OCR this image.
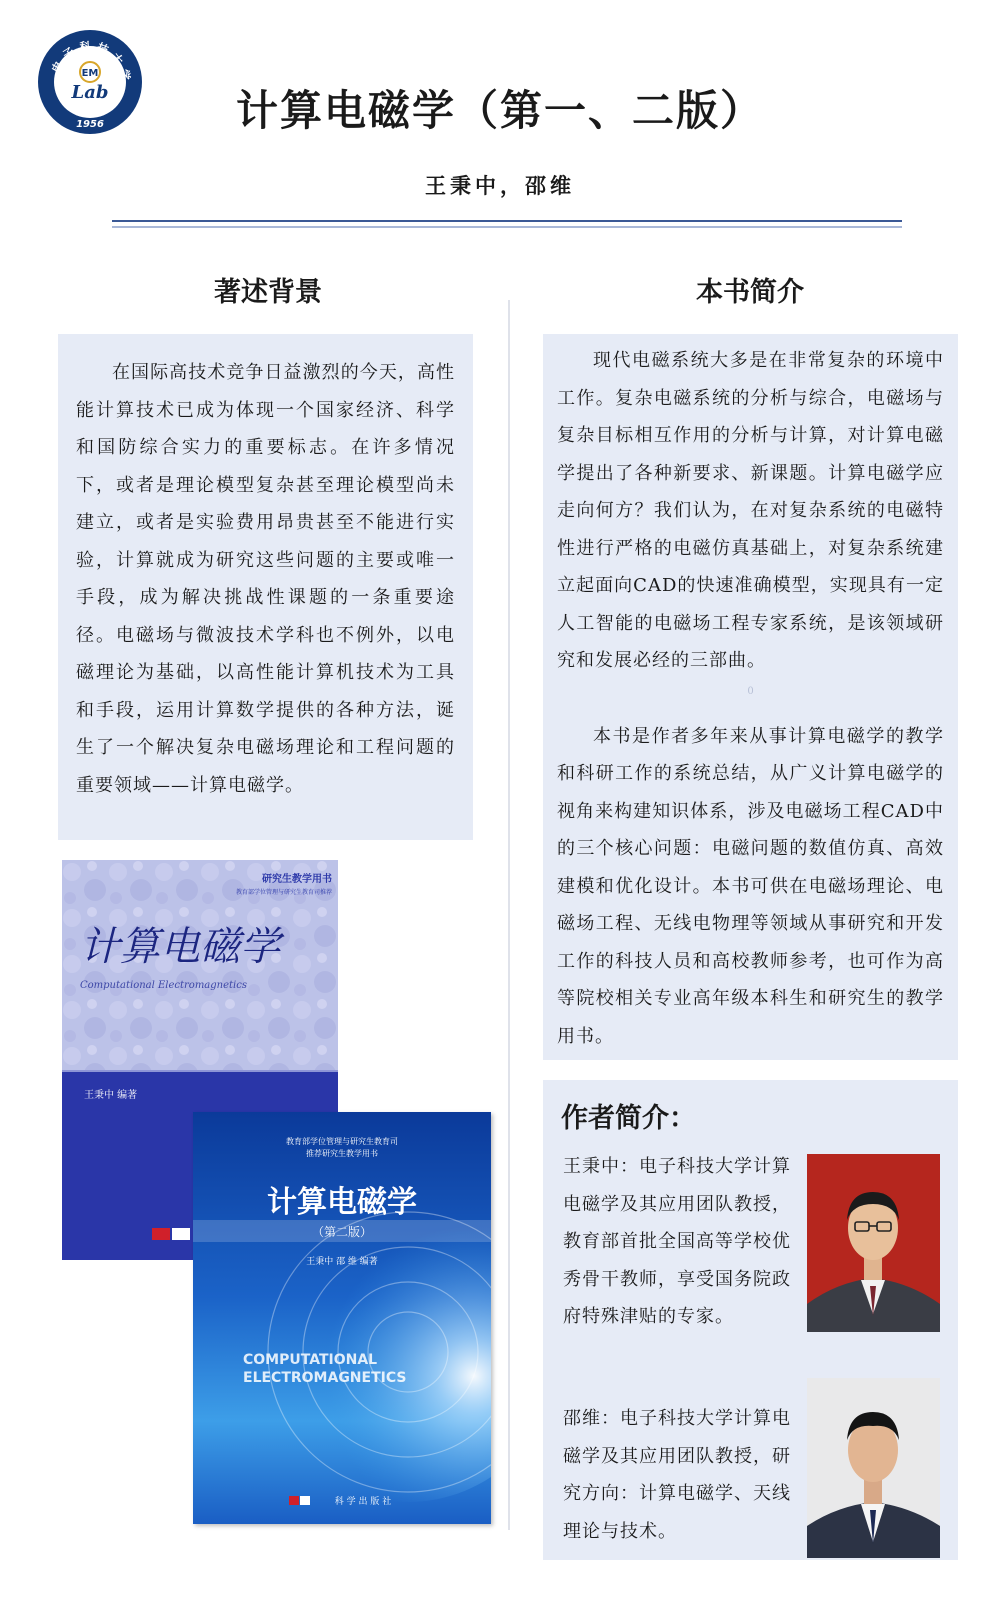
电子科技大学
EM
Lab
1956	计算电磁学（第一、二版）
王秉中，邵维
著述背景

在国际高技术竞争日益激烈的今天，高性能计算技术已成为体现一个国家经济、科学和国防综合实力的重要标志。在许多情况下，或者是理论模型复杂甚至理论模型尚未建立，或者是实验费用昂贵甚至不能进行实验，计算就成为研究这些问题的主要或唯一手段，成为解决挑战性课题的一条重要途径。电磁场与微波技术学科也不例外，以电磁理论为基础，以高性能计算机技术为工具和手段，运用计算数学提供的各种方法，诞生了一个解决复杂电磁场理论和工程问题的重要领域——计算电磁学。

研究生教学用书
教育部学位管理与研究生教育司推荐
计算电磁学
Computational Electromagnetics
王秉中 编著
教育部学位管理与研究生教育司
推荐研究生教学用书
计算电磁学
（第二版）
王秉中 邵 维 编著
COMPUTATIONAL
ELECTROMAGNETICS
科 学 出 版 社
本书简介

现代电磁系统大多是在非常复杂的环境中工作。复杂电磁系统的分析与综合，电磁场与复杂目标相互作用的分析与计算，对计算电磁学提出了各种新要求、新课题。计算电磁学应走向何方？我们认为，在对复杂系统的电磁特性进行严格的电磁仿真基础上，对复杂系统建立起面向CAD的快速准确模型，实现具有一定人工智能的电磁场工程专家系统，是该领域研究和发展必经的三部曲。

0

本书是作者多年来从事计算电磁学的教学和科研工作的系统总结，从广义计算电磁学的视角来构建知识体系，涉及电磁场工程CAD中的三个核心问题：电磁问题的数值仿真、高效建模和优化设计。本书可供在电磁场理论、电磁场工程、无线电物理等领域从事研究和开发工作的科技人员和高校教师参考，也可作为高等院校相关专业高年级本科生和研究生的教学用书。

作者简介：
王秉中：电子科技大学计算电磁学及其应用团队教授，教育部首批全国高等学校优秀骨干教师，享受国务院政府特殊津贴的专家。
邵维：电子科技大学计算电磁学及其应用团队教授，研究方向：计算电磁学、天线理论与技术。
